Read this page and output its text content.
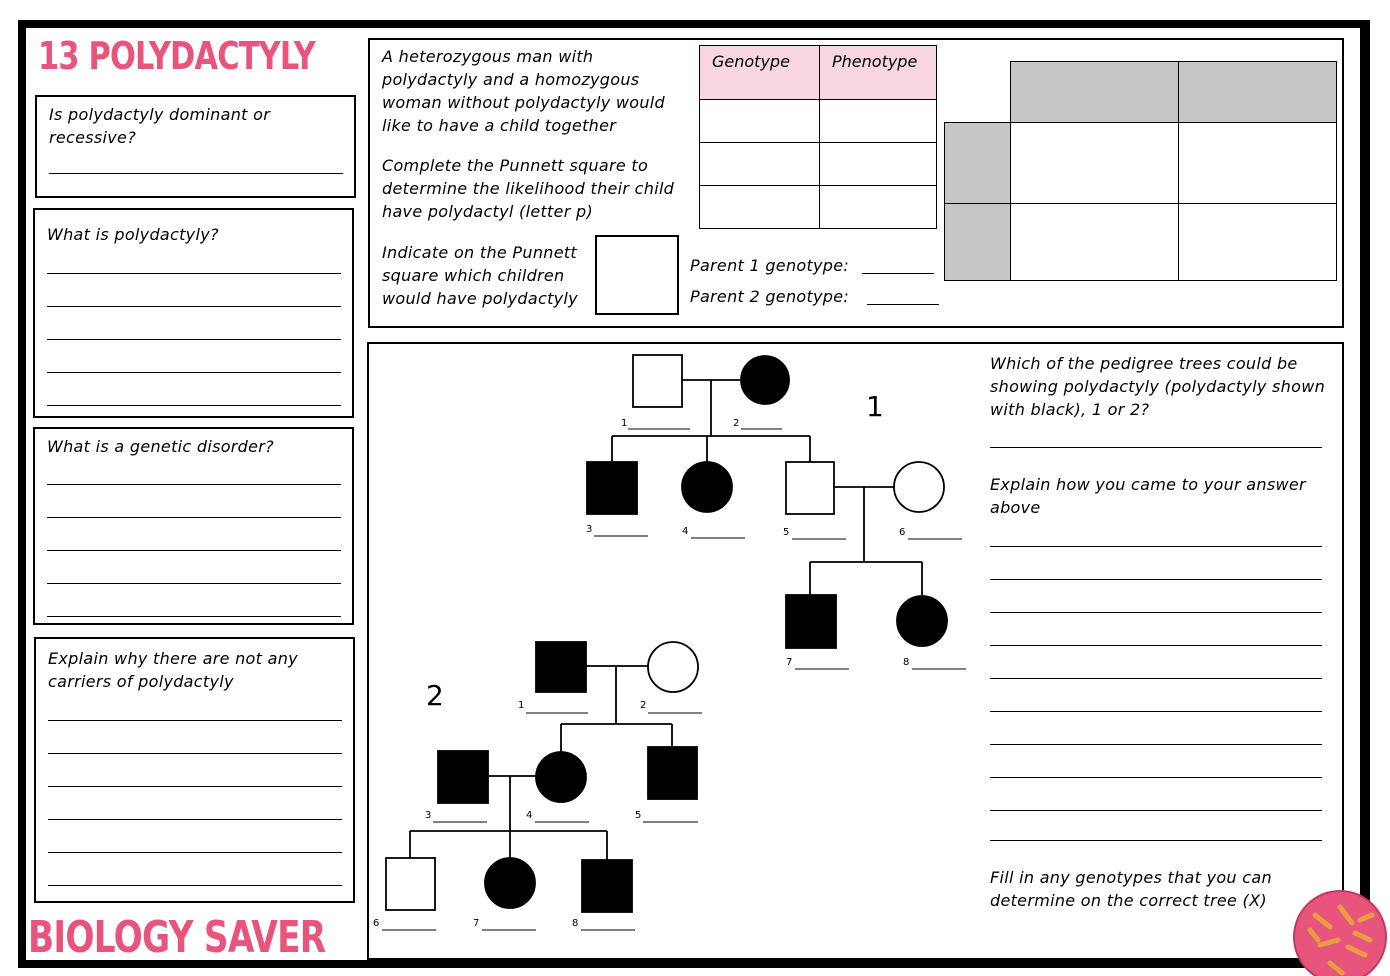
13 POLYDACTYLY
Is polydactyly dominant or recessive?
What is polydactyly?
What is a genetic disorder?
Explain why there are not any carriers of polydactyly
BIOLOGY SAVER
A heterozygous man with polydactyly and a homozygous woman without polydactyly would like to have a child together
Complete the Punnett square to determine the likelihood their child have polydactyl (letter p)
Indicate on the Punnett square which children would have polydactyly
Genotype	Phenotype

Parent 1 genotype:
Parent 2 genotype:
1	2
3	4	5	6
7	8
1	2
3	4	5
6	7	8
1
2
Which of the pedigree trees could be showing polydactyly (polydactyly shown with black), 1 or 2?
Explain how you came to your answer above
Fill in any genotypes that you can determine on the correct tree (X)
